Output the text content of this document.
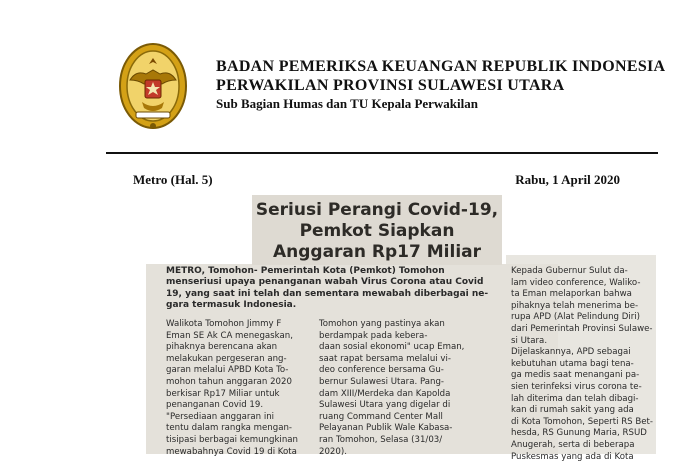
BADAN PEMERIKSA KEUANGAN REPUBLIK INDONESIA
PERWAKILAN PROVINSI SULAWESI UTARA
Sub Bagian Humas dan TU Kepala Perwakilan
Metro (Hal. 5)	Rabu, 1 April 2020
Seriusi Perangi Covid-19,
Pemkot Siapkan
Anggaran Rp17 Miliar

METRO, Tomohon- Pemerintah Kota (Pemkot) Tomohon

menseriusi upaya penanganan wabah Virus Corona atau Covid

19, yang saat ini telah dan sementara mewabah diberbagai ne-

gara termasuk Indonesia.

Walikota Tomohon Jimmy F

Eman SE Ak CA menegaskan,

pihaknya berencana akan

melakukan pergeseran ang-

garan melalui APBD Kota To-

mohon tahun anggaran 2020

berkisar Rp17 Miliar untuk

penanganan Covid 19.

"Persediaan anggaran ini

tentu dalam rangka mengan-

tisipasi berbagai kemungkinan

mewabahnya Covid 19 di Kota

Tomohon yang pastinya akan

berdampak pada kebera-

daan sosial ekonomi" ucap Eman,

saat rapat bersama melalui vi-

deo conference bersama Gu-

bernur Sulawesi Utara. Pang-

dam XIII/Merdeka dan Kapolda

Sulawesi Utara yang digelar di

ruang Command Center Mall

Pelayanan Publik Wale Kabasa-

ran Tomohon, Selasa (31/03/

2020).

Kepada Gubernur Sulut da-

lam video conference, Waliko-

ta Eman melaporkan bahwa

pihaknya telah menerima be-

rupa APD (Alat Pelindung Diri)

dari Pemerintah Provinsi Sulawe-

si Utara.

Dijelaskannya, APD sebagai

kebutuhan utama bagi tena-

ga medis saat menangani pa-

sien terinfeksi virus corona te-

lah diterima dan telah dibagi-

kan di rumah sakit yang ada

di Kota Tomohon, Seperti RS Bet-

hesda, RS Gunung Maria, RSUD

Anugerah, serta di beberapa

Puskesmas yang ada di Kota
